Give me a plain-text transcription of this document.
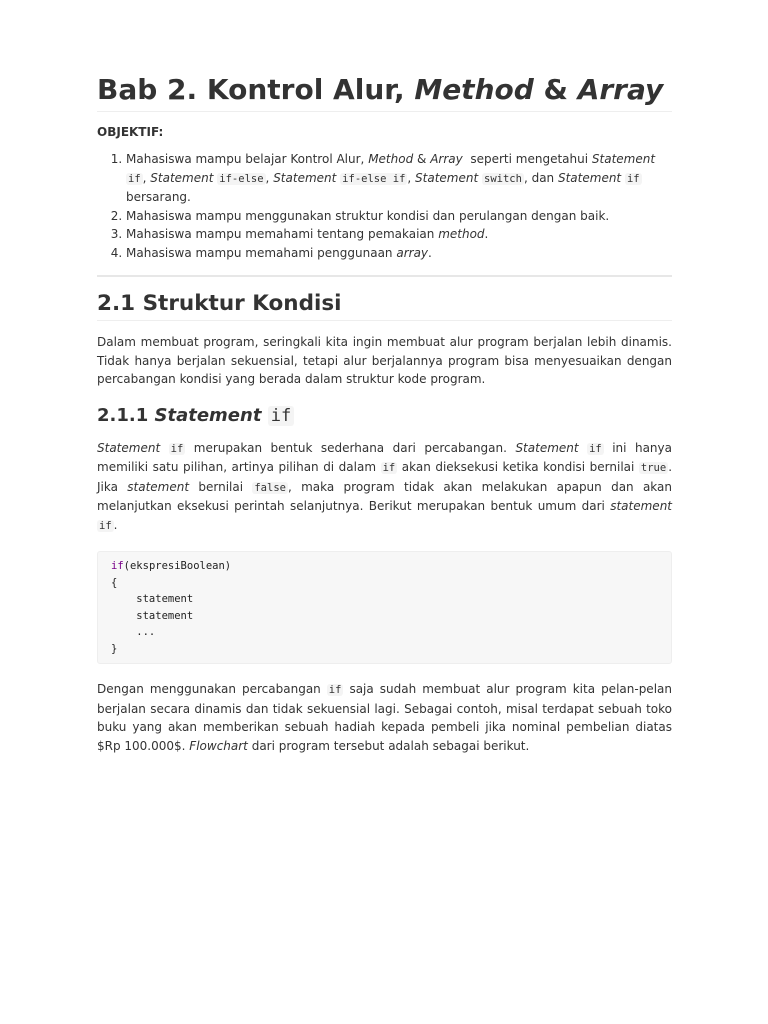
Bab 2. Kontrol Alur, Method & Array
OBJEKTIF:
1. Mahasiswa mampu belajar Kontrol Alur, Method & Array  seperti mengetahui Statement if , Statement if-else , Statement if-else if , Statement switch , dan Statement if bersarang.
2. Mahasiswa mampu menggunakan struktur kondisi dan perulangan dengan baik.
3. Mahasiswa mampu memahami tentang pemakaian method.
4. Mahasiswa mampu memahami penggunaan array.
2.1 Struktur Kondisi

Dalam membuat program, seringkali kita ingin membuat alur program berjalan lebih dinamis. Tidak hanya berjalan sekuensial, tetapi alur berjalannya program bisa menyesuaikan dengan percabangan kondisi yang berada dalam struktur kode program.

2.1.1 Statement if

Statement if merupakan bentuk sederhana dari percabangan. Statement if ini hanya memiliki satu pilihan, artinya pilihan di dalam if akan dieksekusi ketika kondisi bernilai true . Jika statement bernilai false , maka program tidak akan melakukan apapun dan akan melanjutkan eksekusi perintah selanjutnya. Berikut merupakan bentuk umum dari statement if .

if(ekspresiBoolean)
{
statement
statement
...
}

Dengan menggunakan percabangan if saja sudah membuat alur program kita pelan-pelan berjalan secara dinamis dan tidak sekuensial lagi. Sebagai contoh, misal terdapat sebuah toko buku yang akan memberikan sebuah hadiah kepada pembeli jika nominal pembelian diatas $Rp 100.000$. Flowchart dari program tersebut adalah sebagai berikut.
